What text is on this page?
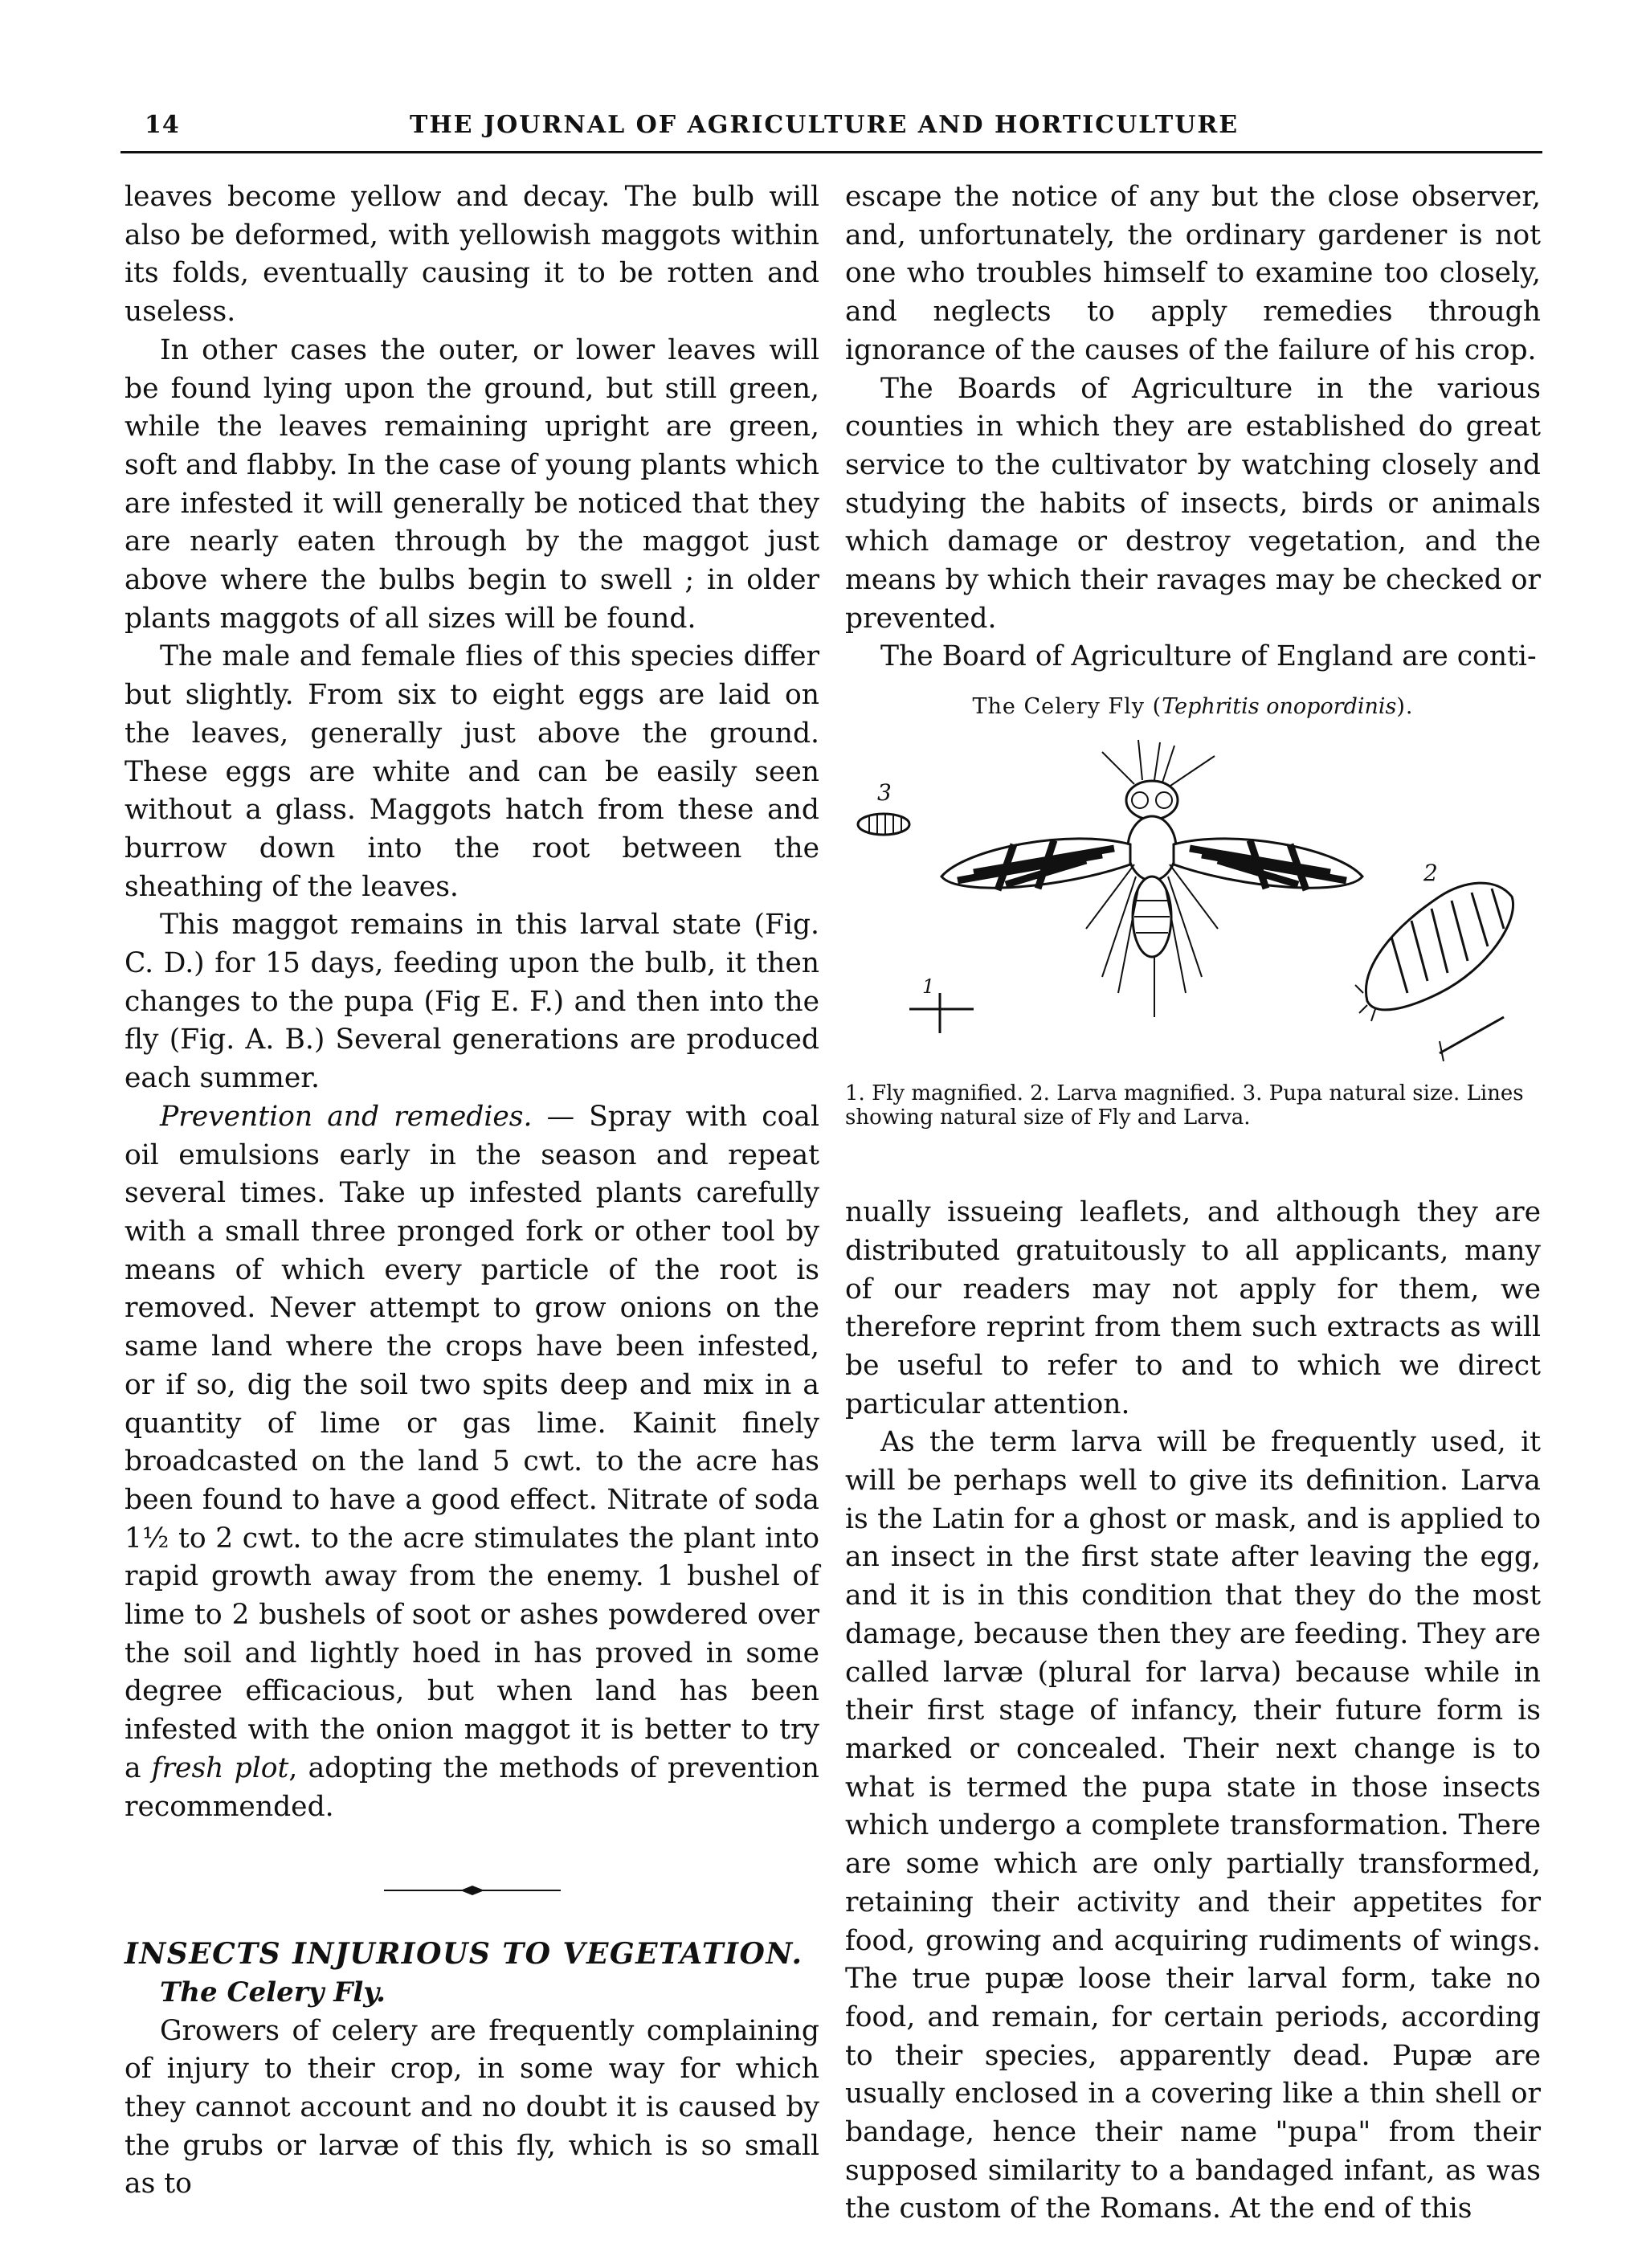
14	THE JOURNAL OF AGRICULTURE AND HORTICULTURE

leaves become yellow and decay. The bulb will also be deformed, with yellowish maggots within its folds, eventually causing it to be rotten and useless.

In other cases the outer, or lower leaves will be found lying upon the ground, but still green, while the leaves remaining upright are green, soft and flabby. In the case of young plants which are infested it will generally be noticed that they are nearly eaten through by the maggot just above where the bulbs begin to swell ; in older plants maggots of all sizes will be found.

The male and female flies of this species differ but slightly. From six to eight eggs are laid on the leaves, generally just above the ground. These eggs are white and can be easily seen without a glass. Maggots hatch from these and burrow down into the root between the sheathing of the leaves.

This maggot remains in this larval state (Fig. C. D.) for 15 days, feeding upon the bulb, it then changes to the pupa (Fig E. F.) and then into the fly (Fig. A. B.) Several generations are produced each summer.

Prevention and remedies. — Spray with coal oil emulsions early in the season and repeat several times. Take up infested plants carefully with a small three pronged fork or other tool by means of which every particle of the root is removed. Never attempt to grow onions on the same land where the crops have been infested, or if so, dig the soil two spits deep and mix in a quantity of lime or gas lime. Kainit finely broadcasted on the land 5 cwt. to the acre has been found to have a good effect. Nitrate of soda 1½ to 2 cwt. to the acre stimulates the plant into rapid growth away from the enemy. 1 bushel of lime to 2 bushels of soot or ashes powdered over the soil and lightly hoed in has proved in some degree efficacious, but when land has been infested with the onion maggot it is better to try a fresh plot, adopting the methods of prevention recommended.

INSECTS INJURIOUS TO VEGETATION.

The Celery Fly.

Growers of celery are frequently complaining of injury to their crop, in some way for which they cannot account and no doubt it is caused by the grubs or larvæ of this fly, which is so small as to

escape the notice of any but the close observer, and, unfortunately, the ordinary gardener is not one who troubles himself to examine too closely, and neglects to apply remedies through ignorance of the causes of the failure of his crop.

The Boards of Agriculture in the various counties in which they are established do great service to the cultivator by watching closely and studying the habits of insects, birds or animals which damage or destroy vegetation, and the means by which their ravages may be checked or prevented.

The Board of Agriculture of England are conti-

The Celery Fly (Tephritis onopordinis).
3
1
2
1. Fly magnified. 2. Larva magnified. 3. Pupa natural size. Lines showing natural size of Fly and Larva.

nually issueing leaflets, and although they are distributed gratuitously to all applicants, many of our readers may not apply for them, we therefore reprint from them such extracts as will be useful to refer to and to which we direct particular attention.

As the term larva will be frequently used, it will be perhaps well to give its definition. Larva is the Latin for a ghost or mask, and is applied to an insect in the first state after leaving the egg, and it is in this condition that they do the most damage, because then they are feeding. They are called larvæ (plural for larva) because while in their first stage of infancy, their future form is marked or concealed. Their next change is to what is termed the pupa state in those insects which undergo a complete transformation. There are some which are only partially transformed, retaining their activity and their appetites for food, growing and acquiring rudiments of wings. The true pupæ loose their larval form, take no food, and remain, for certain periods, according to their species, apparently dead. Pupæ are usually enclosed in a covering like a thin shell or bandage, hence their name "pupa" from their supposed similarity to a bandaged infant, as was the custom of the Romans. At the end of this
